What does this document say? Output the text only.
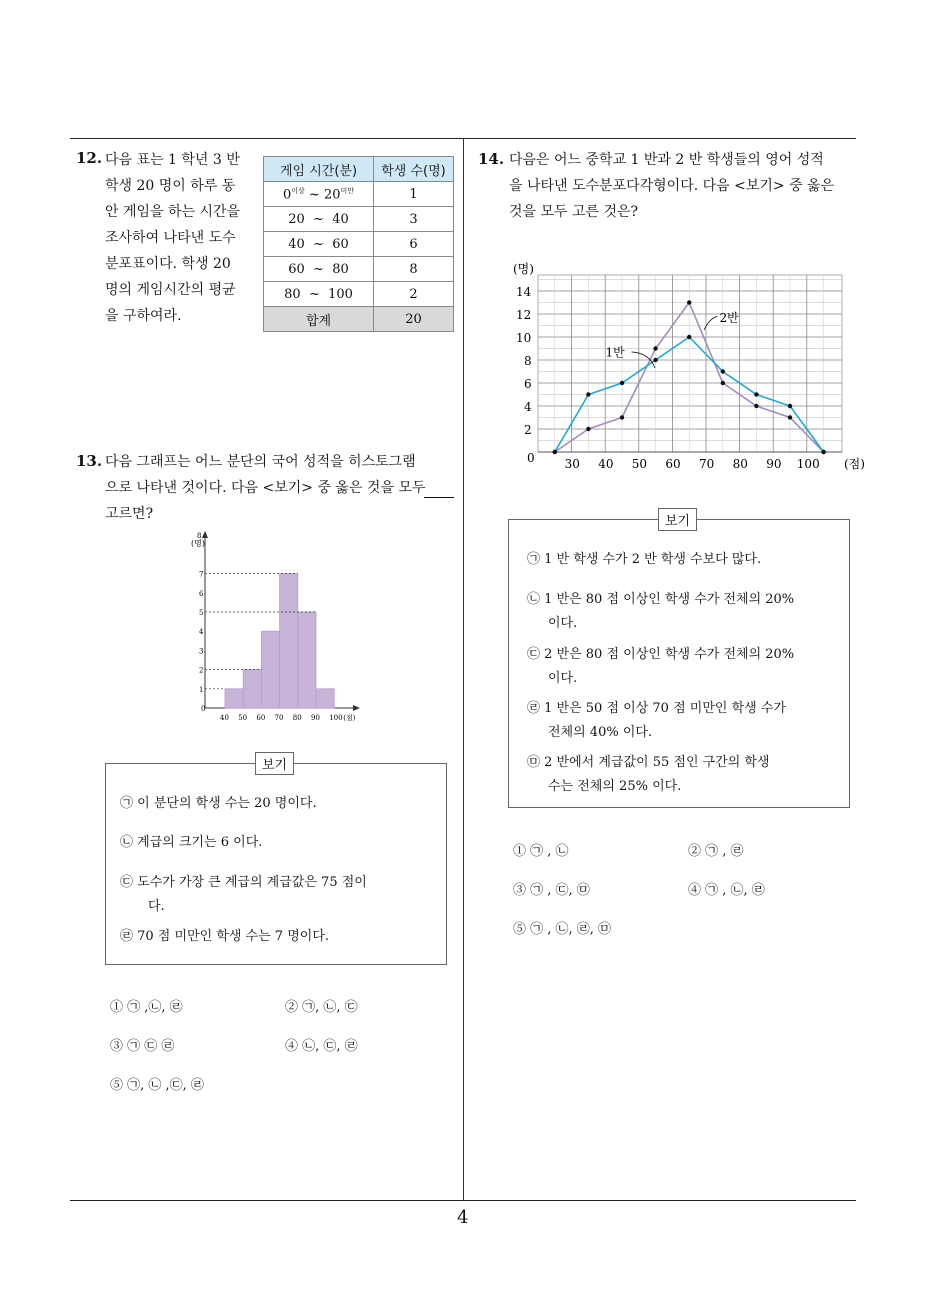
4
12. 다음 표는 1 학년 3 반
학생 20 명이 하루 동
안 게임을 하는 시간을
조사하여 나타낸 도수
분포표이다. 학생 20
명의 게임시간의 평균
을 구하여라.
게임 시간(분)	학생 수(명)
$0^{이상}$ ~ $20^{미만}$	1
20  ~  40	3
40  ~  60	6
60  ~  80	8
80  ~  100	2
합계	20
13. 다음 그래프는 어느 분단의 국어 성적을 히스토그램
으로 나타낸 것이다. 다음 <보기> 중 옳은 것을 모두
고르면?
(명)
0
1
2
3
4
5
6
7
8
40 50 60 70 80 90 100 (점)
보기
㉠ 이 분단의 학생 수는 20 명이다.
㉡ 계급의 크기는 6 이다.
㉢ 도수가 가장 큰 계급의 계급값은 75 점이
다.
㉣ 70 점 미만인 학생 수는 7 명이다.
① ㉠ ,㉡, ㉣	② ㉠, ㉡, ㉢
③ ㉠ ㉢ ㉣	④ ㉡, ㉢, ㉣
⑤ ㉠, ㉡ ,㉢, ㉣
14. 다음은 어느 중학교 1 반과 2 반 학생들의 영어 성적
을 나타낸 도수분포다각형이다. 다음 <보기> 중 옳은
것을 모두 고른 것은?
(명)
0
2
4
6
8
10
12
14
30 40 50 60 70 80 90 100 (점)
1반
2반
보기
㉠ 1 반 학생 수가 2 반 학생 수보다 많다.
㉡ 1 반은 80 점 이상인 학생 수가 전체의 20%
이다.
㉢ 2 반은 80 점 이상인 학생 수가 전체의 20%
이다.
㉣ 1 반은 50 점 이상 70 점 미만인 학생 수가
전체의 40% 이다.
㉤ 2 반에서 계급값이 55 점인 구간의 학생
수는 전체의 25% 이다.
① ㉠ , ㉡	② ㉠ , ㉣
③ ㉠ , ㉢, ㉤	④ ㉠ , ㉡, ㉣
⑤ ㉠ , ㉡, ㉣, ㉤
